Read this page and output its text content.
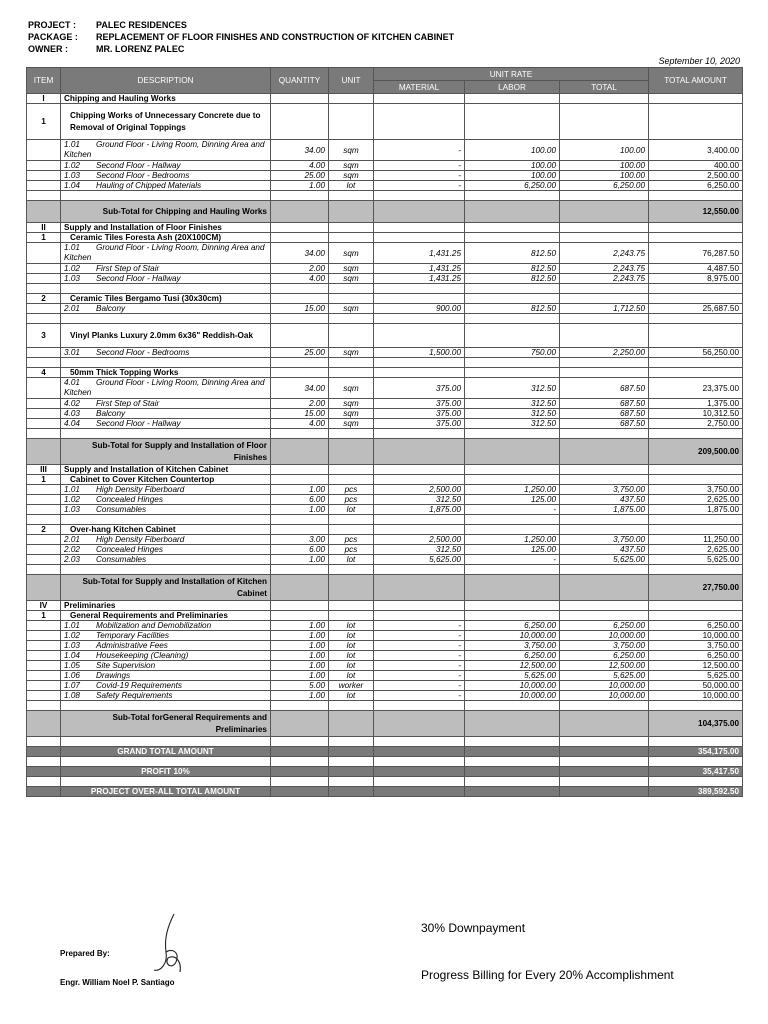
PROJECT :	PALEC RESIDENCES
PACKAGE :	REPLACEMENT OF FLOOR FINISHES AND CONSTRUCTION OF KITCHEN CABINET
OWNER :	MR. LORENZ PALEC
September 10, 2020
ITEM	DESCRIPTION	QUANTITY	UNIT	UNIT RATE			TOTAL AMOUNT
				MATERIAL	LABOR	TOTAL	
I	Chipping and Hauling Works						
1	Chipping Works of Unnecessary Concrete due to Removal of Original Toppings						
	1.01 Ground Floor - Living Room, Dinning Area and Kitchen	34.00	sqm	-	100.00	100.00	3,400.00
	1.02 Second Floor - Hallway	4.00	sqm	-	100.00	100.00	400.00
	1.03 Second Floor - Bedrooms	25.00	sqm	-	100.00	100.00	2,500.00
	1.04 Hauling of Chipped Materials	1.00	lot	-	6,250.00	6,250.00	6,250.00

	Sub-Total for Chipping and Hauling Works						12,550.00
II	Supply and Installation of Floor Finishes						
1	Ceramic Tiles Foresta Ash (20X100CM)						
	1.01 Ground Floor - Living Room, Dinning Area and Kitchen	34.00	sqm	1,431.25	812.50	2,243.75	76,287.50
	1.02 First Step of Stair	2.00	sqm	1,431.25	812.50	2,243.75	4,487.50
	1.03 Second Floor - Hallway	4.00	sqm	1,431.25	812.50	2,243.75	8,975.00

2	Ceramic Tiles Bergamo Tusi (30x30cm)						
	2.01 Balcony	15.00	sqm	900.00	812.50	1,712.50	25,687.50

3	Vinyl Planks Luxury 2.0mm 6x36" Reddish-Oak						
	3.01 Second Floor - Bedrooms	25.00	sqm	1,500.00	750.00	2,250.00	56,250.00

4	50mm Thick Topping Works						
	4.01 Ground Floor - Living Room, Dinning Area and Kitchen	34.00	sqm	375.00	312.50	687.50	23,375.00
	4.02 First Step of Stair	2.00	sqm	375.00	312.50	687.50	1,375.00
	4.03 Balcony	15.00	sqm	375.00	312.50	687.50	10,312.50
	4.04 Second Floor - Hallway	4.00	sqm	375.00	312.50	687.50	2,750.00

	Sub-Total for Supply and Installation of Floor Finishes						209,500.00
III	Supply and Installation of Kitchen Cabinet						
1	Cabinet to Cover Kitchen Countertop						
	1.01 High Density Fiberboard	1.00	pcs	2,500.00	1,250.00	3,750.00	3,750.00
	1.02 Concealed Hinges	6.00	pcs	312.50	125.00	437.50	2,625.00
	1.03 Consumables	1.00	lot	1,875.00	-	1,875.00	1,875.00

2	Over-hang Kitchen Cabinet						
	2.01 High Density Fiberboard	3.00	pcs	2,500.00	1,250.00	3,750.00	11,250.00
	2.02 Concealed Hinges	6.00	pcs	312.50	125.00	437.50	2,625.00
	2.03 Consumables	1.00	lot	5,625.00	-	5,625.00	5,625.00

	Sub-Total for Supply and Installation of Kitchen Cabinet						27,750.00
IV	Preliminaries						
1	General Requirements and Preliminaries						
	1.01 Mobilization and Demobilization	1.00	lot	-	6,250.00	6,250.00	6,250.00
	1.02 Temporary Facilities	1.00	lot	-	10,000.00	10,000.00	10,000.00
	1.03 Administrative Fees	1.00	lot	-	3,750.00	3,750.00	3,750.00
	1.04 Housekeeping (Cleaning)	1.00	lot	-	6,250.00	6,250.00	6,250.00
	1.05 Site Supervision	1.00	lot	-	12,500.00	12,500.00	12,500.00
	1.06 Drawings	1.00	lot	-	5,625.00	5,625.00	5,625.00
	1.07 Covid-19 Requirements	5.00	worker	-	10,000.00	10,000.00	50,000.00
	1.08 Safety Requirements	1.00	lot	-	10,000.00	10,000.00	10,000.00

	Sub-Total forGeneral Requirements and Preliminaries						104,375.00

	GRAND TOTAL AMOUNT						354,175.00

	PROFIT 10%						35,417.50

	PROJECT OVER-ALL TOTAL AMOUNT						389,592.50
Prepared By:
Engr. William Noel P. Santiago
30% Downpayment
Progress Billing for Every 20% Accomplishment
